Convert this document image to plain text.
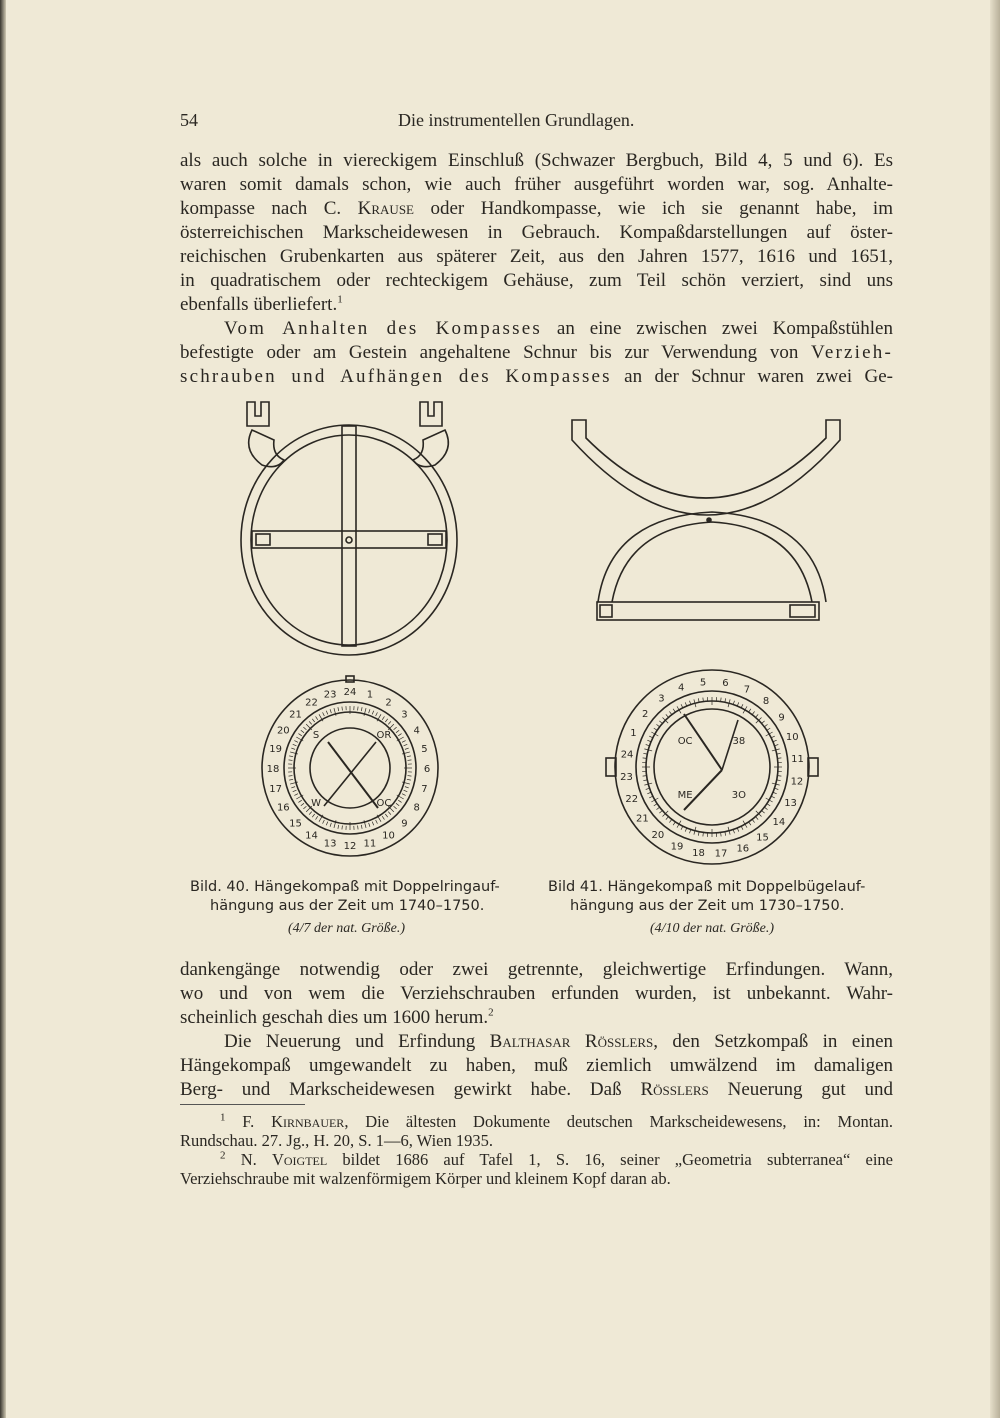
54	Die instrumentellen Grundlagen.
als auch solche in viereckigem Einschluß (Schwazer Bergbuch, Bild 4, 5 und 6). Es
waren somit damals schon, wie auch früher ausgeführt worden war, sog. Anhalte-
kompasse nach C. Krause oder Handkompasse, wie ich sie genannt habe, im
österreichischen Markscheidewesen in Gebrauch. Kompaßdarstellungen auf öster-
reichischen Grubenkarten aus späterer Zeit, aus den Jahren 1577, 1616 und 1651,
in quadratischem oder rechteckigem Gehäuse, zum Teil schön verziert, sind uns
ebenfalls überliefert.$^1$
Vom Anhalten des Kompasses an eine zwischen zwei Kompaßstühlen
befestigte oder am Gestein angehaltene Schnur bis zur Verwendung von Verzieh-
schrauben und Aufhängen des Kompasses an der Schnur waren zwei Ge-
1
2
3
4
5
6
7
8
9
10
11
12
13
14
15
16
17
18
19
20
21
22
23 24
S	OR
OC
W
1
2
3
4 5 6
7
8
9
10
11
12
13
14
15
16
17
18
19
20
21
22
23
24
OC	38
3O
ME
Bild. 40. Hängekompaß mit Doppelringauf-
hängung aus der Zeit um 1740–1750.
(4/7 der nat. Größe.)
Bild 41. Hängekompaß mit Doppelbügelauf-
hängung aus der Zeit um 1730–1750.
(4/10 der nat. Größe.)
dankengänge notwendig oder zwei getrennte, gleichwertige Erfindungen. Wann,
wo und von wem die Verziehschrauben erfunden wurden, ist unbekannt. Wahr-
scheinlich geschah dies um 1600 herum.$^2$
Die Neuerung und Erfindung Balthasar Rösslers, den Setzkompaß in einen
Hängekompaß umgewandelt zu haben, muß ziemlich umwälzend im damaligen
Berg- und Markscheidewesen gewirkt habe. Daß Rösslers Neuerung gut und
$^1$ F. Kirnbauer, Die ältesten Dokumente deutschen Markscheidewesens, in: Montan.
Rundschau. 27. Jg., H. 20, S. 1—6, Wien 1935.
$^2$ N. Voigtel bildet 1686 auf Tafel 1, S. 16, seiner „Geometria subterranea“ eine
Verziehschraube mit walzenförmigem Körper und kleinem Kopf daran ab.
